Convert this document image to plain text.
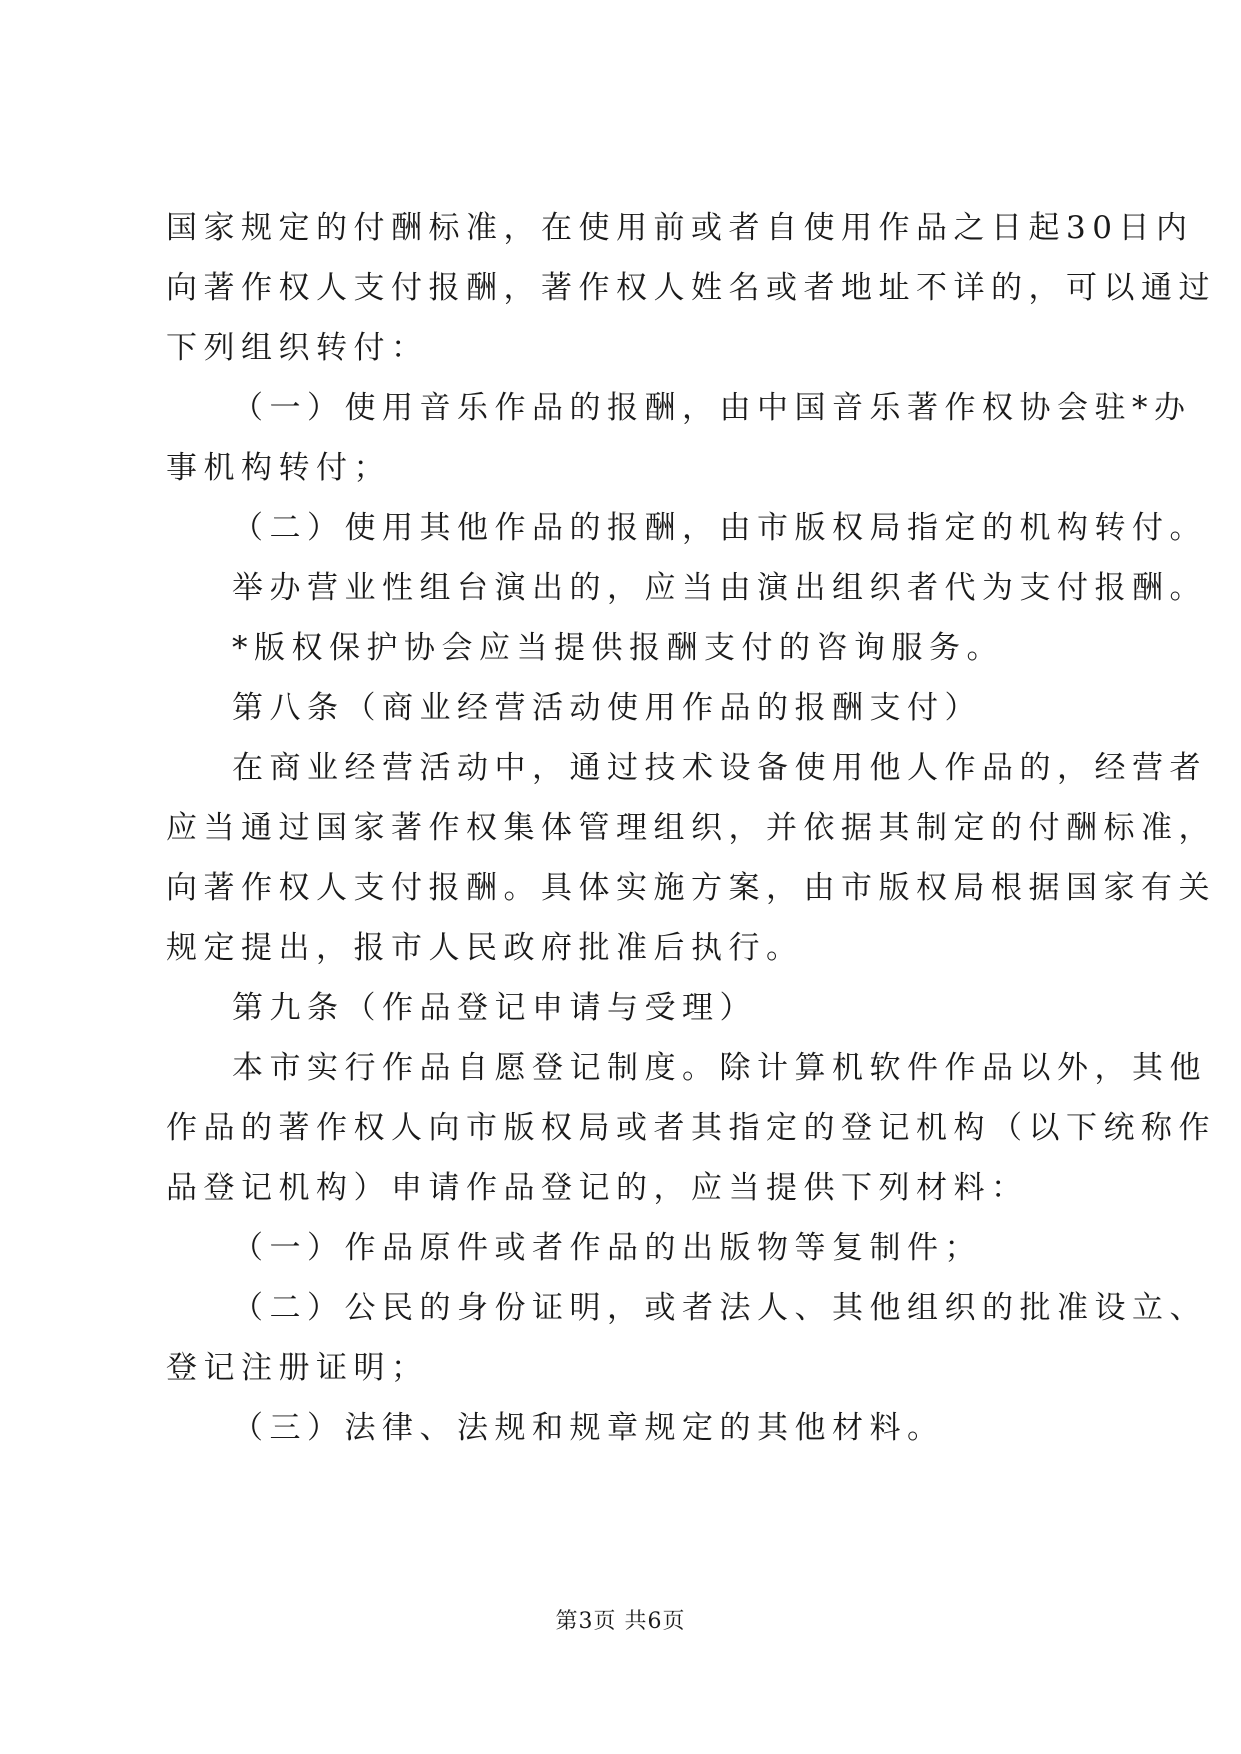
国家规定的付酬标准，在使用前或者自使用作品之日起30日内
向著作权人支付报酬，著作权人姓名或者地址不详的，可以通过
下列组织转付：
（一）使用音乐作品的报酬，由中国音乐著作权协会驻*办
事机构转付；
（二）使用其他作品的报酬，由市版权局指定的机构转付。
举办营业性组台演出的，应当由演出组织者代为支付报酬。
*版权保护协会应当提供报酬支付的咨询服务。
第八条（商业经营活动使用作品的报酬支付）
在商业经营活动中，通过技术设备使用他人作品的，经营者
应当通过国家著作权集体管理组织，并依据其制定的付酬标准，
向著作权人支付报酬。具体实施方案，由市版权局根据国家有关
规定提出，报市人民政府批准后执行。
第九条（作品登记申请与受理）
本市实行作品自愿登记制度。除计算机软件作品以外，其他
作品的著作权人向市版权局或者其指定的登记机构（以下统称作
品登记机构）申请作品登记的，应当提供下列材料：
（一）作品原件或者作品的出版物等复制件；
（二）公民的身份证明，或者法人、其他组织的批准设立、
登记注册证明；
（三）法律、法规和规章规定的其他材料。
第3页 共6页
